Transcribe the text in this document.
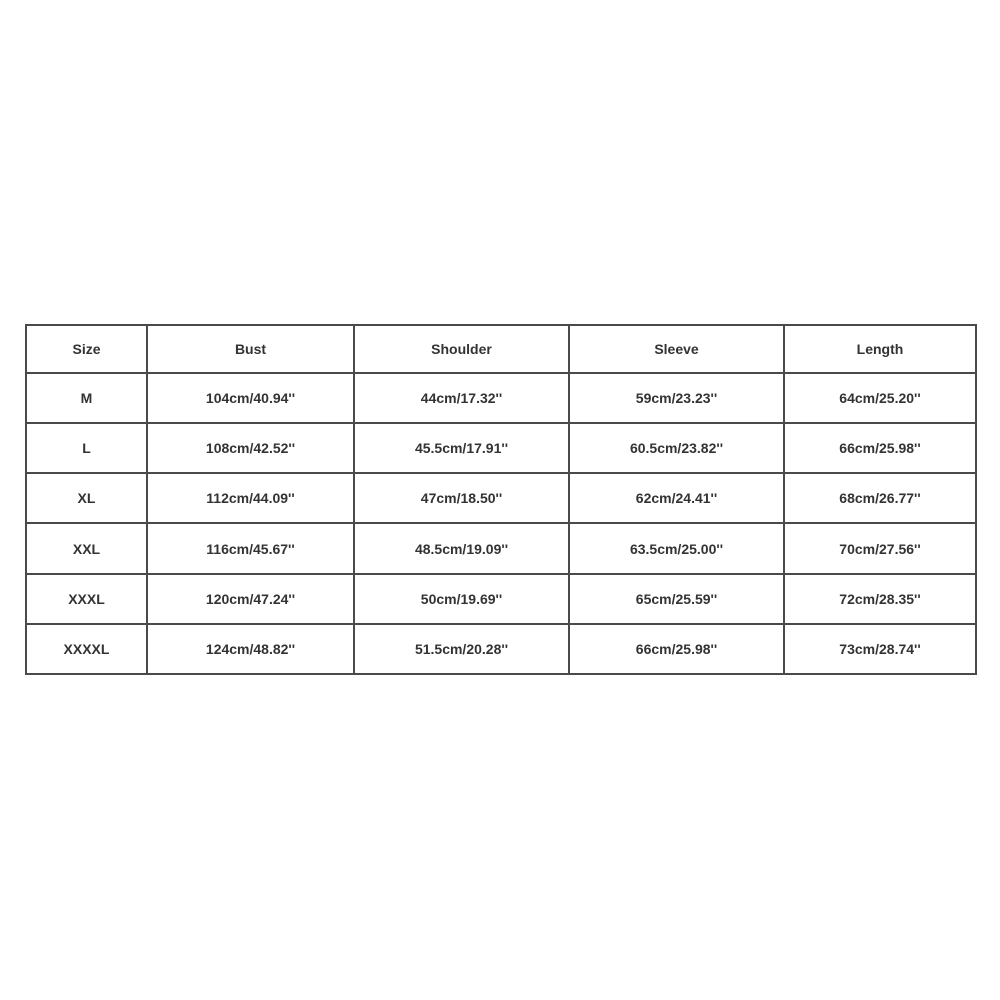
Size	Bust	Shoulder	Sleeve	Length
M	104cm/40.94''	44cm/17.32''	59cm/23.23''	64cm/25.20''
L	108cm/42.52''	45.5cm/17.91''	60.5cm/23.82''	66cm/25.98''
XL	112cm/44.09''	47cm/18.50''	62cm/24.41''	68cm/26.77''
XXL	116cm/45.67''	48.5cm/19.09''	63.5cm/25.00''	70cm/27.56''
XXXL	120cm/47.24''	50cm/19.69''	65cm/25.59''	72cm/28.35''
XXXXL	124cm/48.82''	51.5cm/20.28''	66cm/25.98''	73cm/28.74''
